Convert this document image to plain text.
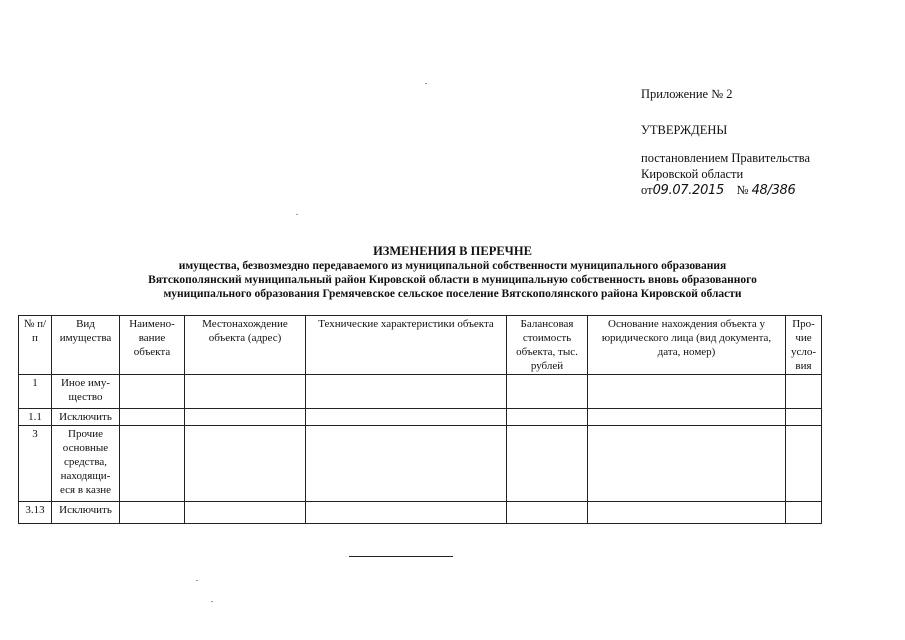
Приложение № 2
УТВЕРЖДЕНЫ
постановлением Правительства
Кировской области
от09.07.2015 № 48/386
ИЗМЕНЕНИЯ В ПЕРЕЧНЕ
имущества, безвозмездно передаваемого из муниципальной собственности муниципального образования
Вятскополянский муниципальный район Кировской области в муниципальную собственность вновь образованного
муниципального образования Гремячевское сельское поселение Вятскополянского района Кировской области
№ п/п	Вид имущества	Наимено-вание объекта	Местонахождение объекта (адрес)	Технические характеристики объекта	Балансовая стоимость объекта, тыс. рублей	Основание нахождения объекта у юридического лица (вид документа, дата, номер)	Про-чие усло-вия
1	Иное иму-щество						
1.1	Исключить						
3	Прочие основные средства, находящи-еся в казне						
3.13	Исключить						
